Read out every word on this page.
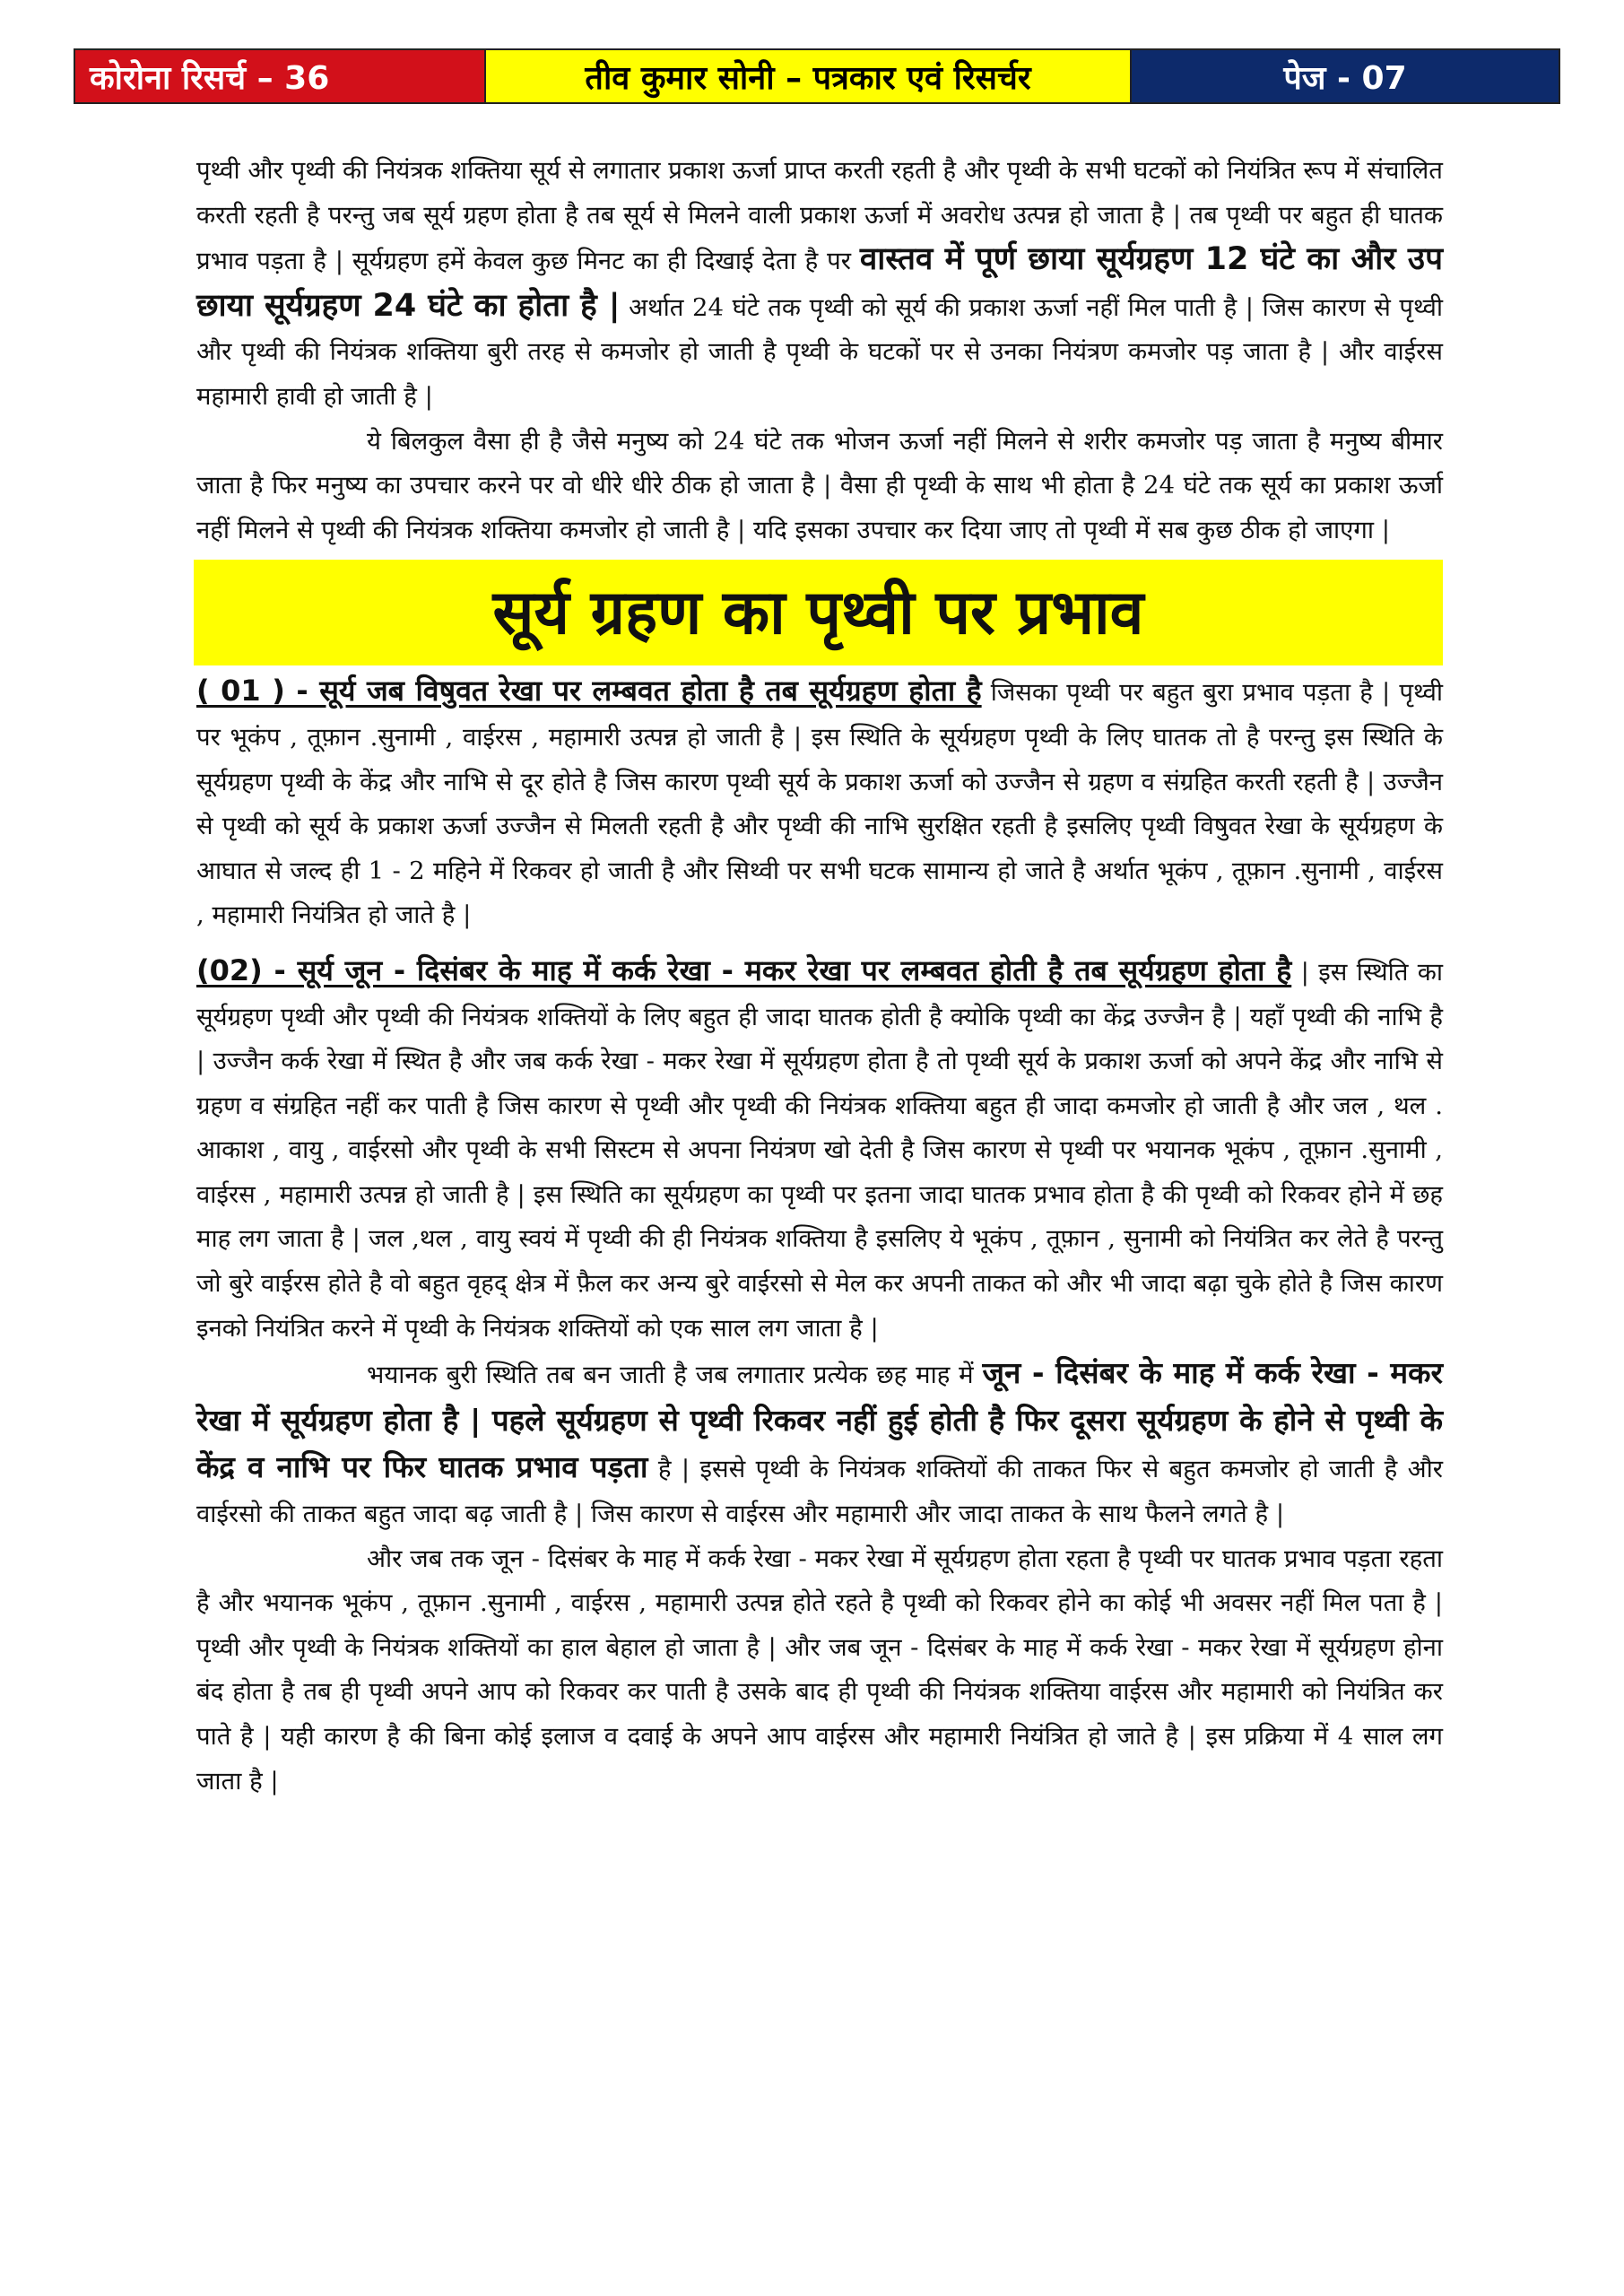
कोरोना रिसर्च – 36	तीव कुमार सोनी – पत्रकार एवं रिसर्चर	पेज - 07

पृथ्वी और पृथ्वी की नियंत्रक शक्तिया सूर्य से लगातार प्रकाश ऊर्जा प्राप्त करती रहती है और पृथ्वी के सभी घटकों को नियंत्रित रूप में संचालित करती रहती है परन्तु जब सूर्य ग्रहण होता है तब सूर्य से मिलने वाली प्रकाश ऊर्जा में अवरोध उत्पन्न हो जाता है | तब पृथ्वी पर बहुत ही घातक प्रभाव पड़ता है | सूर्यग्रहण हमें केवल कुछ मिनट का ही दिखाई देता है पर वास्तव में पूर्ण छाया सूर्यग्रहण 12 घंटे का और उप छाया सूर्यग्रहण 24 घंटे का होता है | अर्थात 24 घंटे तक पृथ्वी को सूर्य की प्रकाश ऊर्जा नहीं मिल पाती है | जिस कारण से पृथ्वी और पृथ्वी की नियंत्रक शक्तिया बुरी तरह से कमजोर हो जाती है पृथ्वी के घटकों पर से उनका नियंत्रण कमजोर पड़ जाता है | और वाईरस महामारी हावी हो जाती है |

ये बिलकुल वैसा ही है जैसे मनुष्य को 24 घंटे तक भोजन ऊर्जा नहीं मिलने से शरीर कमजोर पड़ जाता है मनुष्य बीमार जाता है फिर मनुष्य का उपचार करने पर वो धीरे धीरे ठीक हो जाता है | वैसा ही पृथ्वी के साथ भी होता है 24 घंटे तक सूर्य का प्रकाश ऊर्जा नहीं मिलने से पृथ्वी की नियंत्रक शक्तिया कमजोर हो जाती है | यदि इसका उपचार कर दिया जाए तो पृथ्वी में सब कुछ ठीक हो जाएगा |

सूर्य ग्रहण का पृथ्वी पर प्रभाव

( 01 ) - सूर्य जब विषुवत रेखा पर लम्बवत होता है तब सूर्यग्रहण होता है जिसका पृथ्वी पर बहुत बुरा प्रभाव पड़ता है | पृथ्वी पर भूकंप , तूफ़ान .सुनामी , वाईरस , महामारी उत्पन्न हो जाती है | इस स्थिति के सूर्यग्रहण पृथ्वी के लिए घातक तो है परन्तु इस स्थिति के सूर्यग्रहण पृथ्वी के केंद्र और नाभि से दूर होते है जिस कारण पृथ्वी सूर्य के प्रकाश ऊर्जा को उज्जैन से ग्रहण व संग्रहित करती रहती है | उज्जैन से पृथ्वी को सूर्य के प्रकाश ऊर्जा उज्जैन से मिलती रहती है और पृथ्वी की नाभि सुरक्षित रहती है इसलिए पृथ्वी विषुवत रेखा के सूर्यग्रहण के आघात से जल्द ही 1 - 2 महिने में रिकवर हो जाती है और सिथ्वी पर सभी घटक सामान्य हो जाते है अर्थात भूकंप , तूफ़ान .सुनामी , वाईरस , महामारी नियंत्रित हो जाते है |

(02) - सूर्य जून - दिसंबर के माह में कर्क रेखा - मकर रेखा पर लम्बवत होती है तब सूर्यग्रहण होता है | इस स्थिति का सूर्यग्रहण पृथ्वी और पृथ्वी की नियंत्रक शक्तियों के लिए बहुत ही जादा घातक होती है क्योकि पृथ्वी का केंद्र उज्जैन है | यहाँ पृथ्वी की नाभि है | उज्जैन कर्क रेखा में स्थित है और जब कर्क रेखा - मकर रेखा में सूर्यग्रहण होता है तो पृथ्वी सूर्य के प्रकाश ऊर्जा को अपने केंद्र और नाभि से ग्रहण व संग्रहित नहीं कर पाती है जिस कारण से पृथ्वी और पृथ्वी की नियंत्रक शक्तिया बहुत ही जादा कमजोर हो जाती है और जल , थल . आकाश , वायु , वाईरसो और पृथ्वी के सभी सिस्टम से अपना नियंत्रण खो देती है जिस कारण से पृथ्वी पर भयानक भूकंप , तूफ़ान .सुनामी , वाईरस , महामारी उत्पन्न हो जाती है | इस स्थिति का सूर्यग्रहण का पृथ्वी पर इतना जादा घातक प्रभाव होता है की पृथ्वी को रिकवर होने में छह माह लग जाता है | जल ,थल , वायु स्वयं में पृथ्वी की ही नियंत्रक शक्तिया है इसलिए ये भूकंप , तूफ़ान , सुनामी को नियंत्रित कर लेते है परन्तु जो बुरे वाईरस होते है वो बहुत वृहद् क्षेत्र में फ़ैल कर अन्य बुरे वाईरसो से मेल कर अपनी ताकत को और भी जादा बढ़ा चुके होते है जिस कारण इनको नियंत्रित करने में पृथ्वी के नियंत्रक शक्तियों को एक साल लग जाता है |

भयानक बुरी स्थिति तब बन जाती है जब लगातार प्रत्येक छह माह में जून - दिसंबर के माह में कर्क रेखा - मकर रेखा में सूर्यग्रहण होता है | पहले सूर्यग्रहण से पृथ्वी रिकवर नहीं हुई होती है फिर दूसरा सूर्यग्रहण के होने से पृथ्वी के केंद्र व नाभि पर फिर घातक प्रभाव पड़ता है | इससे पृथ्वी के नियंत्रक शक्तियों की ताकत फिर से बहुत कमजोर हो जाती है और वाईरसो की ताकत बहुत जादा बढ़ जाती है | जिस कारण से वाईरस और महामारी और जादा ताकत के साथ फैलने लगते है |

और जब तक जून - दिसंबर के माह में कर्क रेखा - मकर रेखा में सूर्यग्रहण होता रहता है पृथ्वी पर घातक प्रभाव पड़ता रहता है और भयानक भूकंप , तूफ़ान .सुनामी , वाईरस , महामारी उत्पन्न होते रहते है पृथ्वी को रिकवर होने का कोई भी अवसर नहीं मिल पता है | पृथ्वी और पृथ्वी के नियंत्रक शक्तियों का हाल बेहाल हो जाता है | और जब जून - दिसंबर के माह में कर्क रेखा - मकर रेखा में सूर्यग्रहण होना बंद होता है तब ही पृथ्वी अपने आप को रिकवर कर पाती है उसके बाद ही पृथ्वी की नियंत्रक शक्तिया वाईरस और महामारी को नियंत्रित कर पाते है | यही कारण है की बिना कोई इलाज व दवाई के अपने आप वाईरस और महामारी नियंत्रित हो जाते है | इस प्रक्रिया में 4 साल लग जाता है |
